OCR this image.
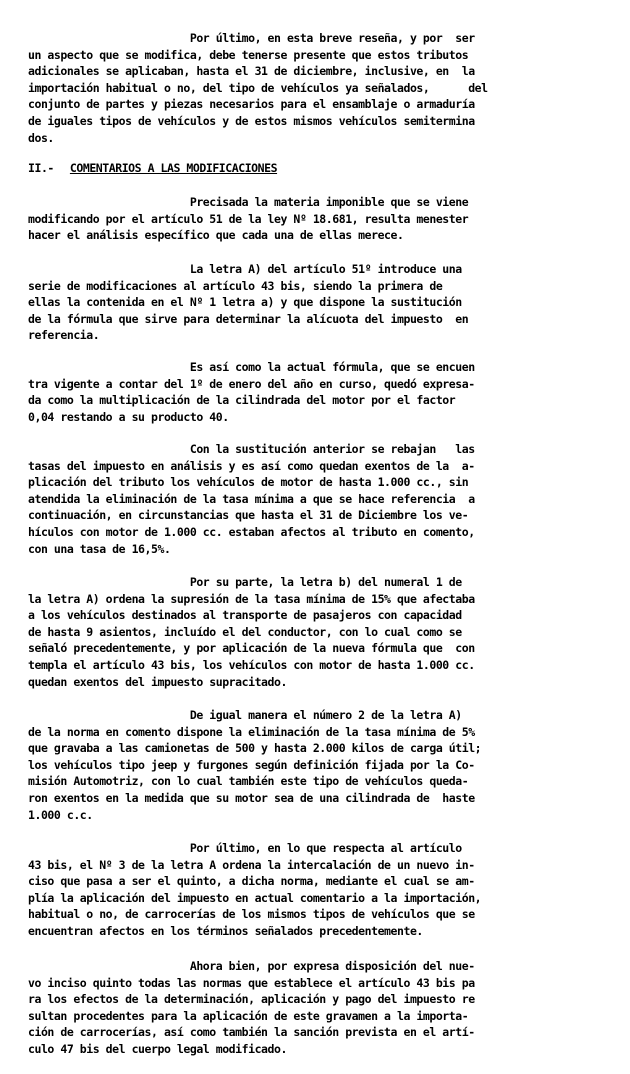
Por último, en esta breve reseña, y por  ser
un aspecto que se modifica, debe tenerse presente que estos tributos
adicionales se aplicaban, hasta el 31 de diciembre, inclusive, en  la
importación habitual o no, del tipo de vehículos ya señalados,      del
conjunto de partes y piezas necesarios para el ensamblaje o armaduría
de iguales tipos de vehículos y de estos mismos vehículos semitermina
dos.
II.- COMENTARIOS A LAS MODIFICACIONES
Precisada la materia imponible que se viene
modificando por el artículo 51 de la ley Nº 18.681, resulta menester
hacer el análisis específico que cada una de ellas merece.
La letra A) del artículo 51º introduce una
serie de modificaciones al artículo 43 bis, siendo la primera de
ellas la contenida en el Nº 1 letra a) y que dispone la sustitución
de la fórmula que sirve para determinar la alícuota del impuesto  en
referencia.
Es así como la actual fórmula, que se encuen
tra vigente a contar del 1º de enero del año en curso, quedó expresa-
da como la multiplicación de la cilindrada del motor por el factor
0,04 restando a su producto 40.
Con la sustitución anterior se rebajan   las
tasas del impuesto en análisis y es así como quedan exentos de la  a-
plicación del tributo los vehículos de motor de hasta 1.000 cc., sin
atendida la eliminación de la tasa mínima a que se hace referencia  a
continuación, en circunstancias que hasta el 31 de Diciembre los ve-
hículos con motor de 1.000 cc. estaban afectos al tributo en comento,
con una tasa de 16,5%.
Por su parte, la letra b) del numeral 1 de
la letra A) ordena la supresión de la tasa mínima de 15% que afectaba
a los vehículos destinados al transporte de pasajeros con capacidad
de hasta 9 asientos, incluído el del conductor, con lo cual como se
señaló precedentemente, y por aplicación de la nueva fórmula que  con
templa el artículo 43 bis, los vehículos con motor de hasta 1.000 cc.
quedan exentos del impuesto supracitado.
De igual manera el número 2 de la letra A)
de la norma en comento dispone la eliminación de la tasa mínima de 5%
que gravaba a las camionetas de 500 y hasta 2.000 kilos de carga útil;
los vehículos tipo jeep y furgones según definición fijada por la Co-
misión Automotriz, con lo cual también este tipo de vehículos queda-
ron exentos en la medida que su motor sea de una cilindrada de  haste
1.000 c.c.
Por último, en lo que respecta al artículo
43 bis, el Nº 3 de la letra A ordena la intercalación de un nuevo in-
ciso que pasa a ser el quinto, a dicha norma, mediante el cual se am-
plía la aplicación del impuesto en actual comentario a la importación,
habitual o no, de carrocerías de los mismos tipos de vehículos que se
encuentran afectos en los términos señalados precedentemente.
Ahora bien, por expresa disposición del nue-
vo inciso quinto todas las normas que establece el artículo 43 bis pa
ra los efectos de la determinación, aplicación y pago del impuesto re
sultan procedentes para la aplicación de este gravamen a la importa-
ción de carrocerías, así como también la sanción prevista en el artí-
culo 47 bis del cuerpo legal modificado.
